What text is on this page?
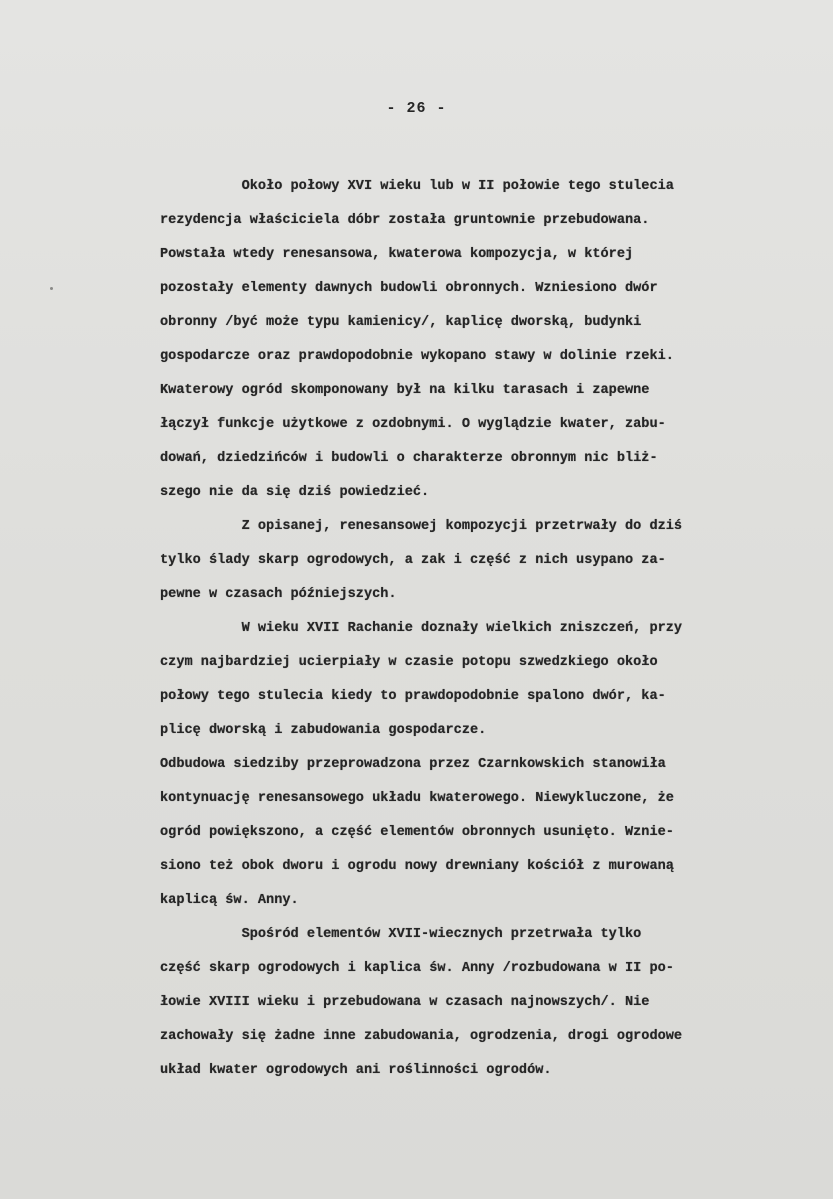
- 26 -
Około połowy XVI wieku lub w II połowie tego stulecia
rezydencja właściciela dóbr została gruntownie przebudowana.
Powstała wtedy renesansowa, kwaterowa kompozycja, w której
pozostały elementy dawnych budowli obronnych. Wzniesiono dwór
obronny /być może typu kamienicy/, kaplicę dworską, budynki
gospodarcze oraz prawdopodobnie wykopano stawy w dolinie rzeki.
Kwaterowy ogród skomponowany był na kilku tarasach i zapewne
łączył funkcje użytkowe z ozdobnymi. O wyglądzie kwater, zabu-
dowań, dziedzińców i budowli o charakterze obronnym nic bliż-
szego nie da się dziś powiedzieć.
Z opisanej, renesansowej kompozycji przetrwały do dziś
tylko ślady skarp ogrodowych, a zak i część z nich usypano za-
pewne w czasach późniejszych.
W wieku XVII Rachanie doznały wielkich zniszczeń, przy
czym najbardziej ucierpiały w czasie potopu szwedzkiego około
połowy tego stulecia kiedy to prawdopodobnie spalono dwór, ka-
plicę dworską i zabudowania gospodarcze.
Odbudowa siedziby przeprowadzona przez Czarnkowskich stanowiła
kontynuację renesansowego układu kwaterowego. Niewykluczone, że
ogród powiększono, a część elementów obronnych usunięto. Wznie-
siono też obok dworu i ogrodu nowy drewniany kościół z murowaną
kaplicą św. Anny.
Spośród elementów XVII-wiecznych przetrwała tylko
część skarp ogrodowych i kaplica św. Anny /rozbudowana w II po-
łowie XVIII wieku i przebudowana w czasach najnowszych/. Nie
zachowały się żadne inne zabudowania, ogrodzenia, drogi ogrodowe
układ kwater ogrodowych ani roślinności ogrodów.
